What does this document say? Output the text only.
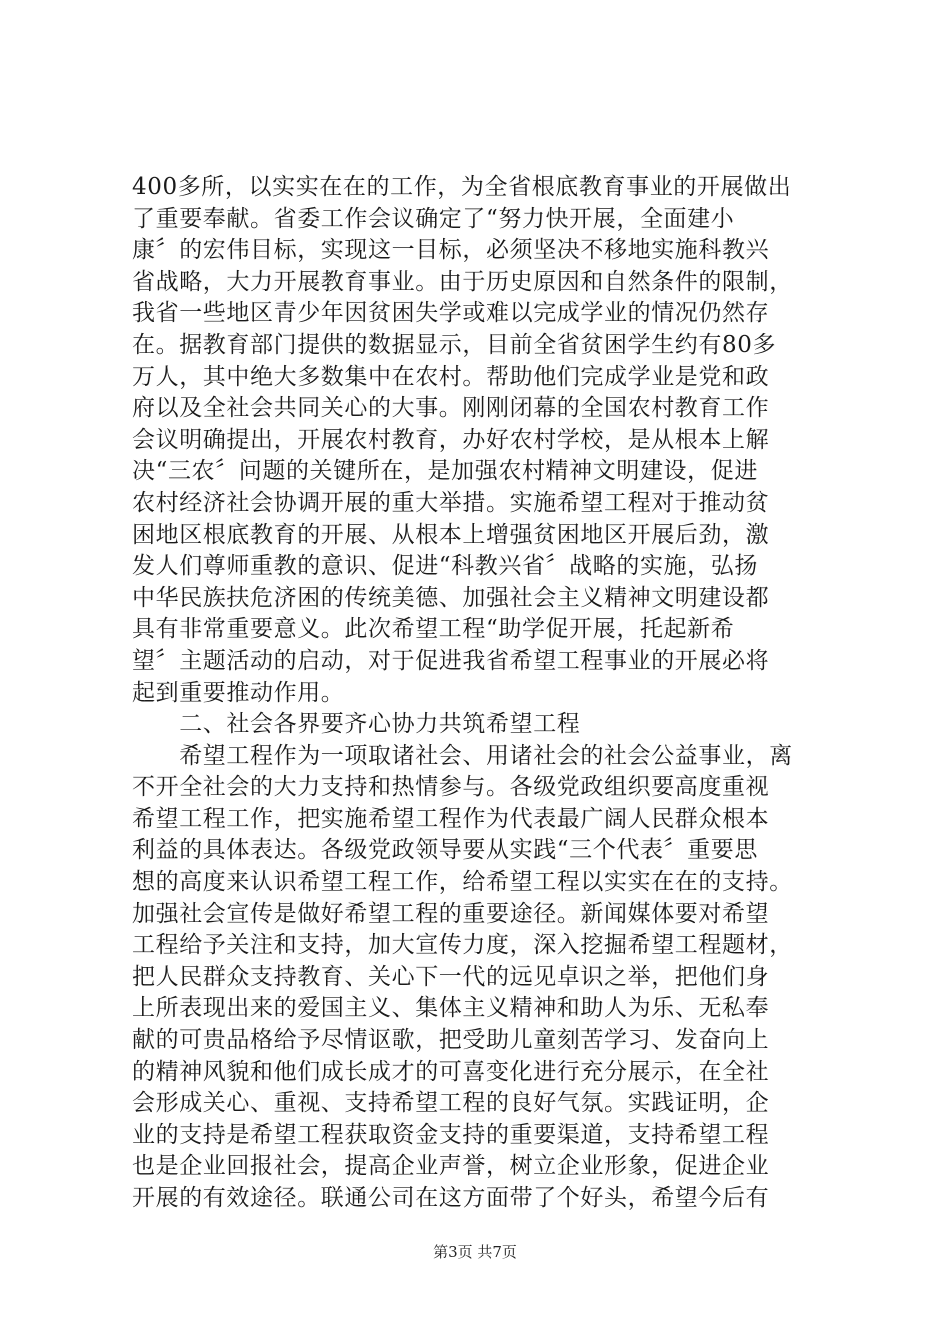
400多所，以实实在在的工作，为全省根底教育事业的开展做出
了重要奉献。省委工作会议确定了“努力快开展，全面建小
康〞的宏伟目标，实现这一目标，必须坚决不移地实施科教兴
省战略，大力开展教育事业。由于历史原因和自然条件的限制，
我省一些地区青少年因贫困失学或难以完成学业的情况仍然存
在。据教育部门提供的数据显示，目前全省贫困学生约有80多
万人，其中绝大多数集中在农村。帮助他们完成学业是党和政
府以及全社会共同关心的大事。刚刚闭幕的全国农村教育工作
会议明确提出，开展农村教育，办好农村学校，是从根本上解
决“三农〞问题的关键所在，是加强农村精神文明建设，促进
农村经济社会协调开展的重大举措。实施希望工程对于推动贫
困地区根底教育的开展、从根本上增强贫困地区开展后劲，激
发人们尊师重教的意识、促进“科教兴省〞战略的实施，弘扬
中华民族扶危济困的传统美德、加强社会主义精神文明建设都
具有非常重要意义。此次希望工程“助学促开展，托起新希
望〞主题活动的启动，对于促进我省希望工程事业的开展必将
起到重要推动作用。
　　二、社会各界要齐心协力共筑希望工程
　　希望工程作为一项取诸社会、用诸社会的社会公益事业，离
不开全社会的大力支持和热情参与。各级党政组织要高度重视
希望工程工作，把实施希望工程作为代表最广阔人民群众根本
利益的具体表达。各级党政领导要从实践“三个代表〞重要思
想的高度来认识希望工程工作，给希望工程以实实在在的支持。
加强社会宣传是做好希望工程的重要途径。新闻媒体要对希望
工程给予关注和支持，加大宣传力度，深入挖掘希望工程题材，
把人民群众支持教育、关心下一代的远见卓识之举，把他们身
上所表现出来的爱国主义、集体主义精神和助人为乐、无私奉
献的可贵品格给予尽情讴歌，把受助儿童刻苦学习、发奋向上
的精神风貌和他们成长成才的可喜变化进行充分展示，在全社
会形成关心、重视、支持希望工程的良好气氛。实践证明，企
业的支持是希望工程获取资金支持的重要渠道，支持希望工程
也是企业回报社会，提高企业声誉，树立企业形象，促进企业
开展的有效途径。联通公司在这方面带了个好头，希望今后有
第3页 共7页
